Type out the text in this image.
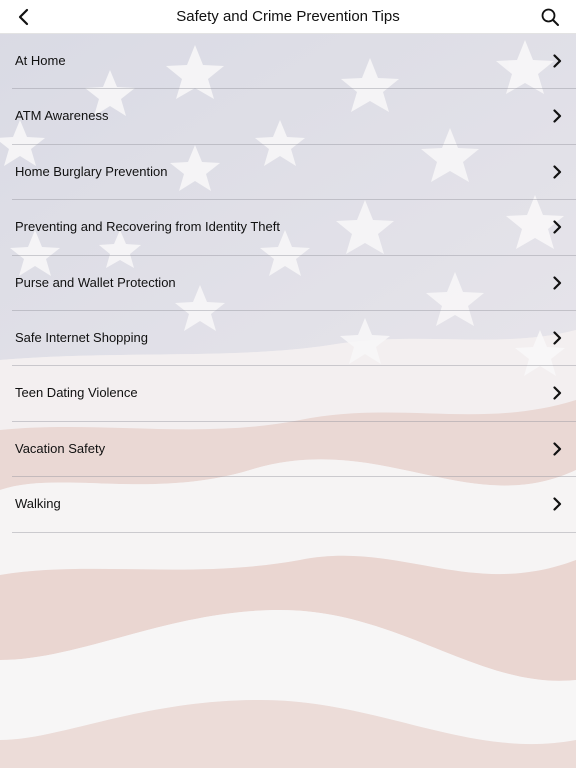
Safety and Crime Prevention Tips
At Home
ATM Awareness
Home Burglary Prevention
Preventing and Recovering from Identity Theft
Purse and Wallet Protection
Safe Internet Shopping
Teen Dating Violence
Vacation Safety
Walking
